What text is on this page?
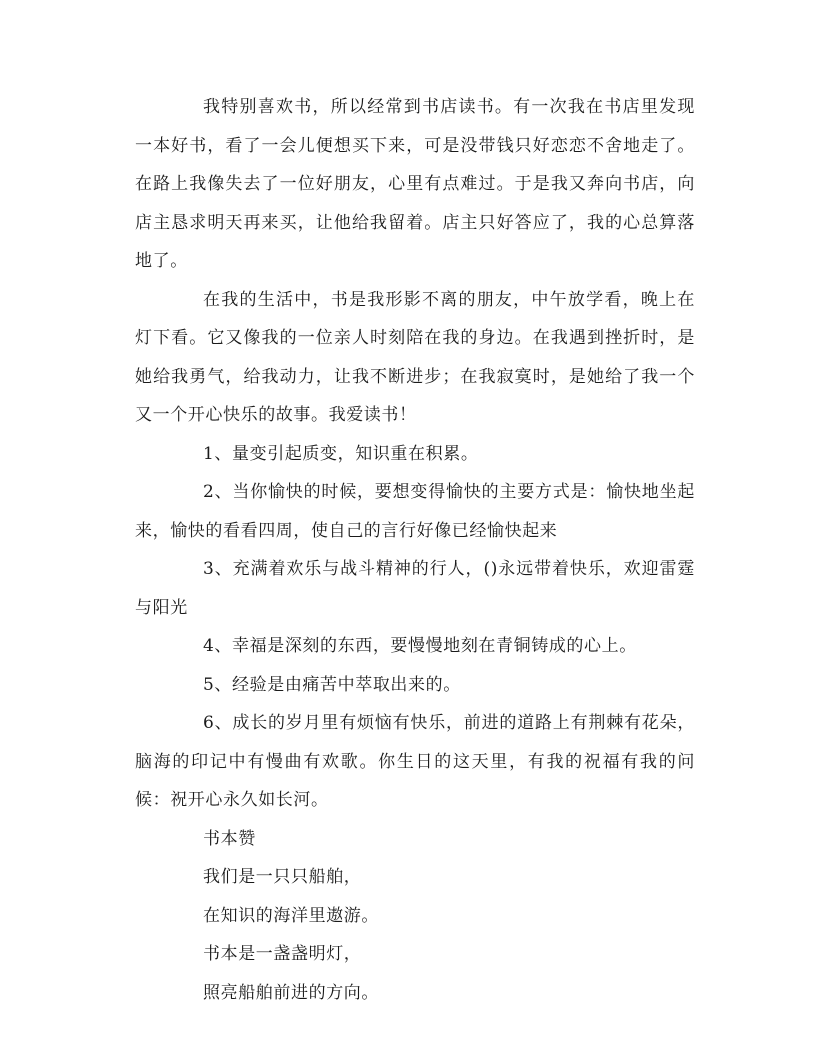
我特别喜欢书，所以经常到书店读书。有一次我在书店里发现一本好书，看了一会儿便想买下来，可是没带钱只好恋恋不舍地走了。在路上我像失去了一位好朋友，心里有点难过。于是我又奔向书店，向店主恳求明天再来买，让他给我留着。店主只好答应了，我的心总算落地了。

在我的生活中，书是我形影不离的朋友，中午放学看，晚上在灯下看。它又像我的一位亲人时刻陪在我的身边。在我遇到挫折时，是她给我勇气，给我动力，让我不断进步；在我寂寞时，是她给了我一个又一个开心快乐的故事。我爱读书！

1、量变引起质变，知识重在积累。

2、当你愉快的时候，要想变得愉快的主要方式是：愉快地坐起来，愉快的看看四周，使自己的言行好像已经愉快起来

3、充满着欢乐与战斗精神的行人，()永远带着快乐，欢迎雷霆与阳光

4、幸福是深刻的东西，要慢慢地刻在青铜铸成的心上。

5、经验是由痛苦中萃取出来的。

6、成长的岁月里有烦恼有快乐，前进的道路上有荆棘有花朵，脑海的印记中有慢曲有欢歌。你生日的这天里，有我的祝福有我的问候：祝开心永久如长河。

书本赞

我们是一只只船舶，

在知识的海洋里遨游。

书本是一盏盏明灯，

照亮船舶前进的方向。
